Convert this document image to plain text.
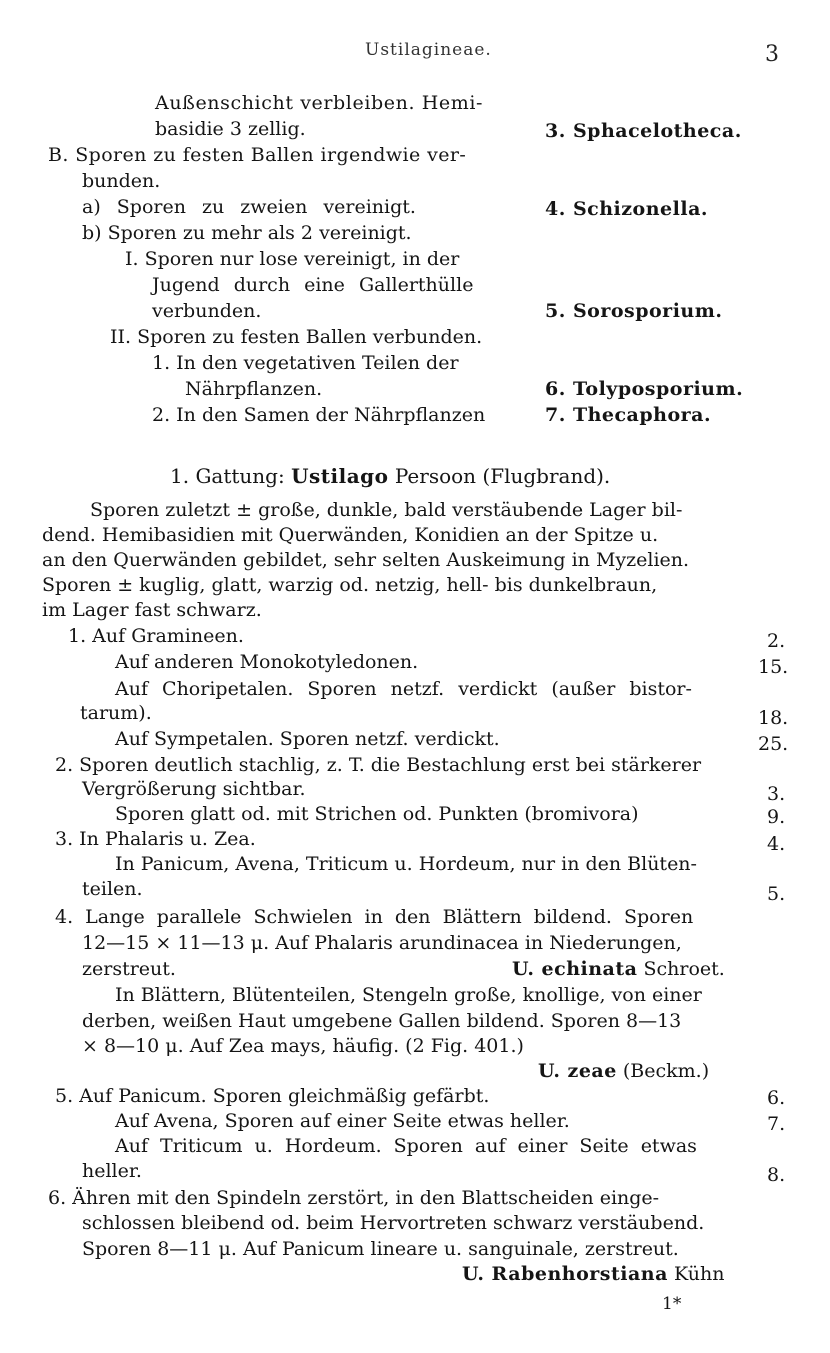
Ustilagineae.	3
Außenschicht verbleiben. Hemi-
basidie 3 zellig.	3. Sphacelotheca.
B. Sporen zu festen Ballen irgendwie ver-
bunden.
a) Sporen zu zweien vereinigt.	4. Schizonella.
b) Sporen zu mehr als 2 vereinigt.
I. Sporen nur lose vereinigt, in der
Jugend durch eine Gallerthülle
verbunden.	5. Sorosporium.
II. Sporen zu festen Ballen verbunden.
1. In den vegetativen Teilen der
Nährpflanzen.	6. Tolyposporium.
2. In den Samen der Nährpflanzen	7. Thecaphora.
1. Gattung: Ustilago Persoon (Flugbrand).
Sporen zuletzt ± große, dunkle, bald verstäubende Lager bil-
dend. Hemibasidien mit Querwänden, Konidien an der Spitze u.
an den Querwänden gebildet, sehr selten Auskeimung in Myzelien.
Sporen ± kuglig, glatt, warzig od. netzig, hell- bis dunkelbraun,
im Lager fast schwarz.
1. Auf Gramineen.	2.
Auf anderen Monokotyledonen.	15.
Auf Choripetalen. Sporen netzf. verdickt (außer bistor-
tarum).	18.
Auf Sympetalen. Sporen netzf. verdickt.	25.
2. Sporen deutlich stachlig, z. T. die Bestachlung erst bei stärkerer
Vergrößerung sichtbar.	3.
Sporen glatt od. mit Strichen od. Punkten (bromivora)	9.
3. In Phalaris u. Zea.	4.
In Panicum, Avena, Triticum u. Hordeum, nur in den Blüten-
teilen.	5.
4. Lange parallele Schwielen in den Blättern bildend. Sporen
12—15 × 11—13 μ. Auf Phalaris arundinacea in Niederungen,
zerstreut.	U. echinata Schroet.
In Blättern, Blütenteilen, Stengeln große, knollige, von einer
derben, weißen Haut umgebene Gallen bildend. Sporen 8—13
× 8—10 μ. Auf Zea mays, häufig. (2 Fig. 401.)
U. zeae (Beckm.)
5. Auf Panicum. Sporen gleichmäßig gefärbt.	6.
Auf Avena, Sporen auf einer Seite etwas heller.	7.
Auf Triticum u. Hordeum. Sporen auf einer Seite etwas
heller.	8.
6. Ähren mit den Spindeln zerstört, in den Blattscheiden einge-
schlossen bleibend od. beim Hervortreten schwarz verstäubend.
Sporen 8—11 μ. Auf Panicum lineare u. sanguinale, zerstreut.
U. Rabenhorstiana Kühn
1*
